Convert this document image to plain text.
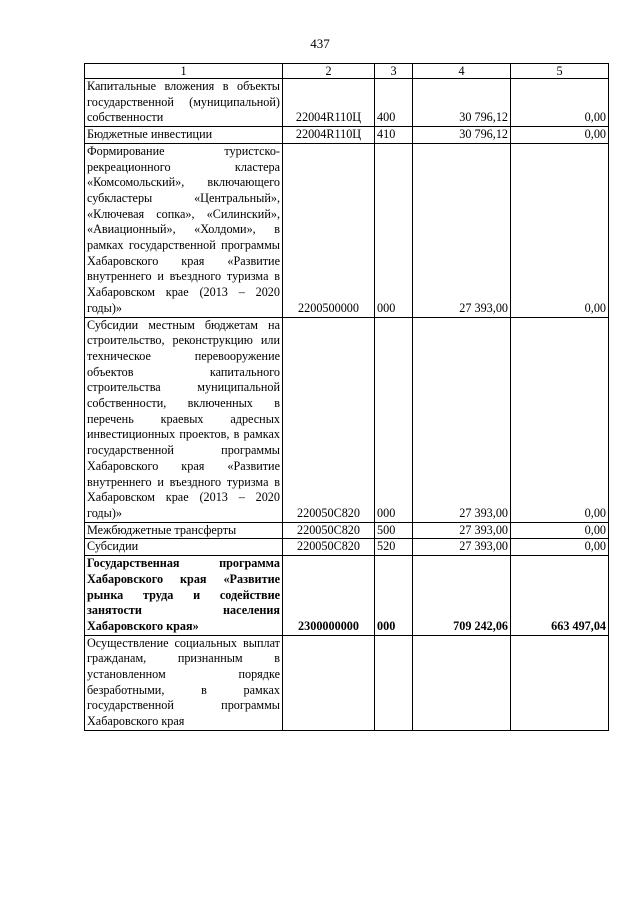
437
1	2	3	4	5
Капитальные вложения в объекты государственной (муниципальной) собственности	22004R110Ц	400	30 796,12	0,00
Бюджетные инвестиции	22004R110Ц	410	30 796,12	0,00
Формирование туристско-рекреационного кластера «Комсомольский», включающего субкластеры «Центральный», «Ключевая сопка», «Силинский», «Авиационный», «Холдоми», в рамках государственной программы Хабаровского края «Развитие внутреннего и въездного туризма в Хабаровском крае (2013 – 2020 годы)»	2200500000	000	27 393,00	0,00
Субсидии местным бюджетам на строительство, реконструкцию или техническое перевооружение объектов капитального строительства муниципальной собственности, включенных в перечень краевых адресных инвестиционных проектов, в рамках государственной программы Хабаровского края «Развитие внутреннего и въездного туризма в Хабаровском крае (2013 – 2020 годы)»	220050С820	000	27 393,00	0,00
Межбюджетные трансферты	220050С820	500	27 393,00	0,00
Субсидии	220050С820	520	27 393,00	0,00
Государственная программа Хабаровского края «Развитие рынка труда и содействие занятости населения Хабаровского края»	2300000000	000	709 242,06	663 497,04
Осуществление социальных выплат гражданам, признанным в установленном порядке безработными, в рамках государственной программы Хабаровского края				
